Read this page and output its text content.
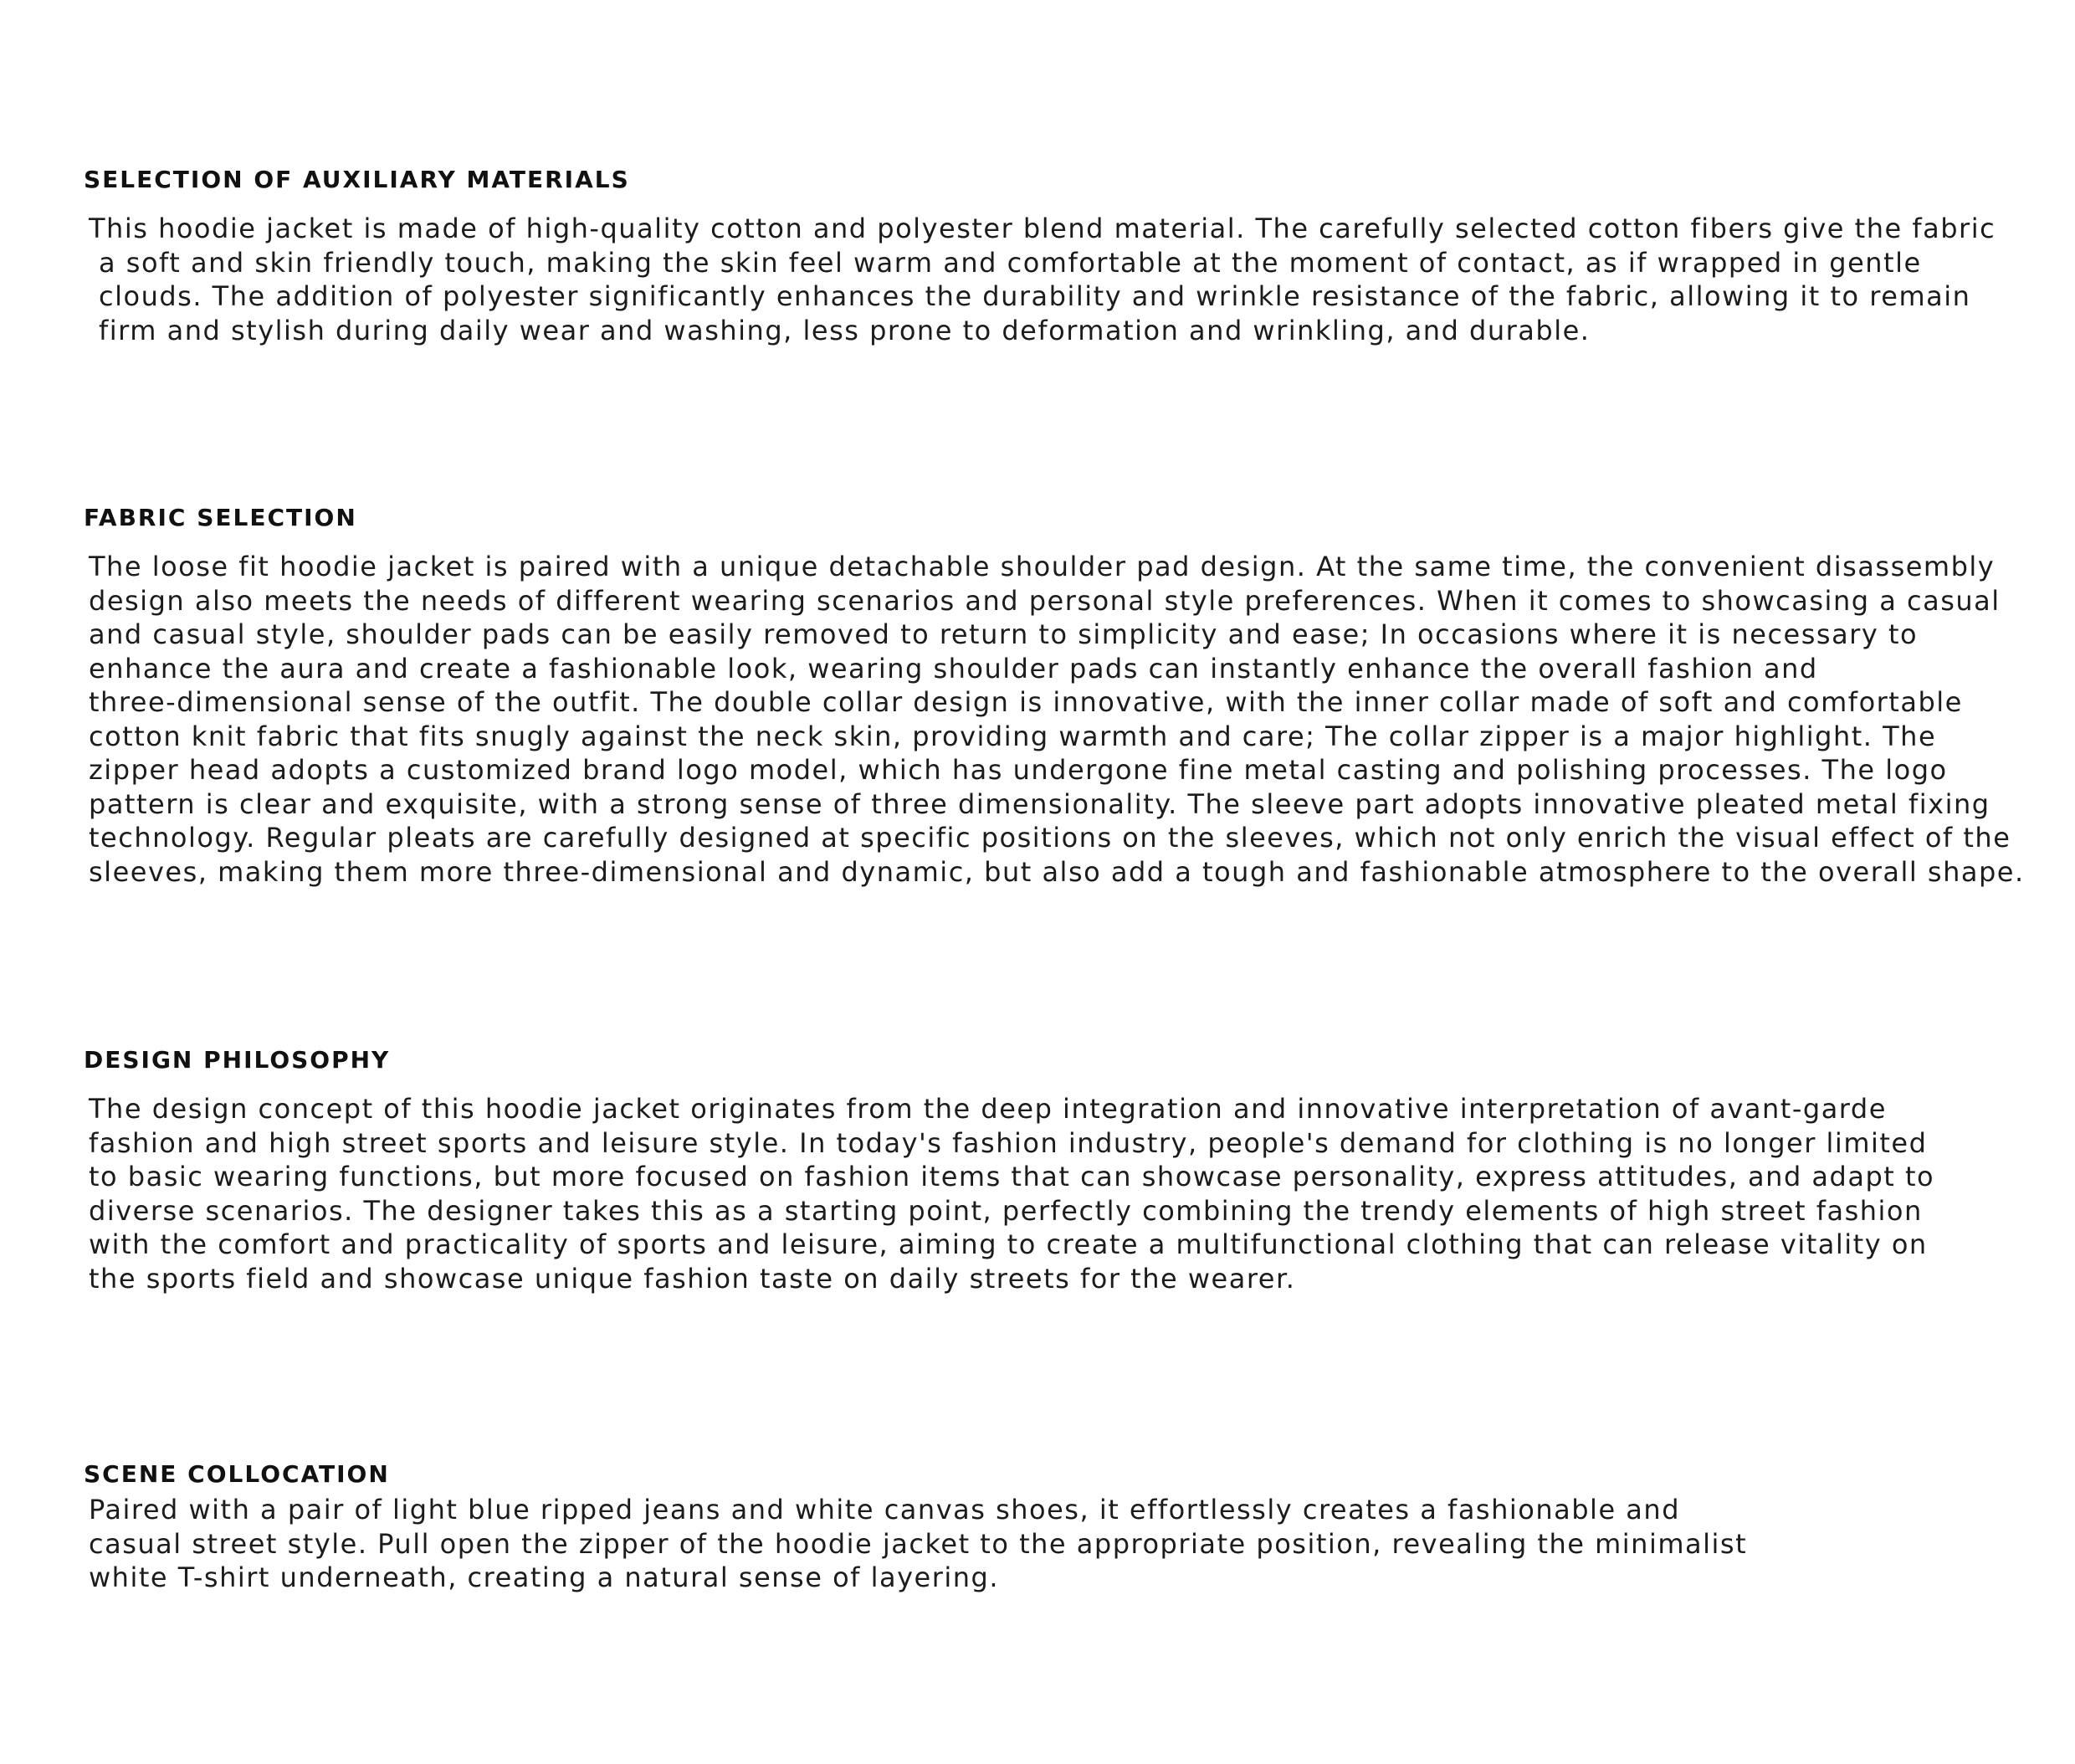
SELECTION OF AUXILIARY MATERIALS
This hoodie jacket is made of high-quality cotton and polyester blend material. The carefully selected cotton fibers give the fabric
a soft and skin friendly touch, making the skin feel warm and comfortable at the moment of contact, as if wrapped in gentle
clouds. The addition of polyester significantly enhances the durability and wrinkle resistance of the fabric, allowing it to remain
firm and stylish during daily wear and washing, less prone to deformation and wrinkling, and durable.
FABRIC SELECTION
The loose fit hoodie jacket is paired with a unique detachable shoulder pad design. At the same time, the convenient disassembly
design also meets the needs of different wearing scenarios and personal style preferences. When it comes to showcasing a casual
and casual style, shoulder pads can be easily removed to return to simplicity and ease; In occasions where it is necessary to
enhance the aura and create a fashionable look, wearing shoulder pads can instantly enhance the overall fashion and
three-dimensional sense of the outfit. The double collar design is innovative, with the inner collar made of soft and comfortable
cotton knit fabric that fits snugly against the neck skin, providing warmth and care; The collar zipper is a major highlight. The
zipper head adopts a customized brand logo model, which has undergone fine metal casting and polishing processes. The logo
pattern is clear and exquisite, with a strong sense of three dimensionality. The sleeve part adopts innovative pleated metal fixing
technology. Regular pleats are carefully designed at specific positions on the sleeves, which not only enrich the visual effect of the
sleeves, making them more three-dimensional and dynamic, but also add a tough and fashionable atmosphere to the overall shape.
DESIGN PHILOSOPHY
The design concept of this hoodie jacket originates from the deep integration and innovative interpretation of avant-garde
fashion and high street sports and leisure style. In today's fashion industry, people's demand for clothing is no longer limited
to basic wearing functions, but more focused on fashion items that can showcase personality, express attitudes, and adapt to
diverse scenarios. The designer takes this as a starting point, perfectly combining the trendy elements of high street fashion
with the comfort and practicality of sports and leisure, aiming to create a multifunctional clothing that can release vitality on
the sports field and showcase unique fashion taste on daily streets for the wearer.
SCENE COLLOCATION
Paired with a pair of light blue ripped jeans and white canvas shoes, it effortlessly creates a fashionable and
casual street style. Pull open the zipper of the hoodie jacket to the appropriate position, revealing the minimalist
white T-shirt underneath, creating a natural sense of layering.
